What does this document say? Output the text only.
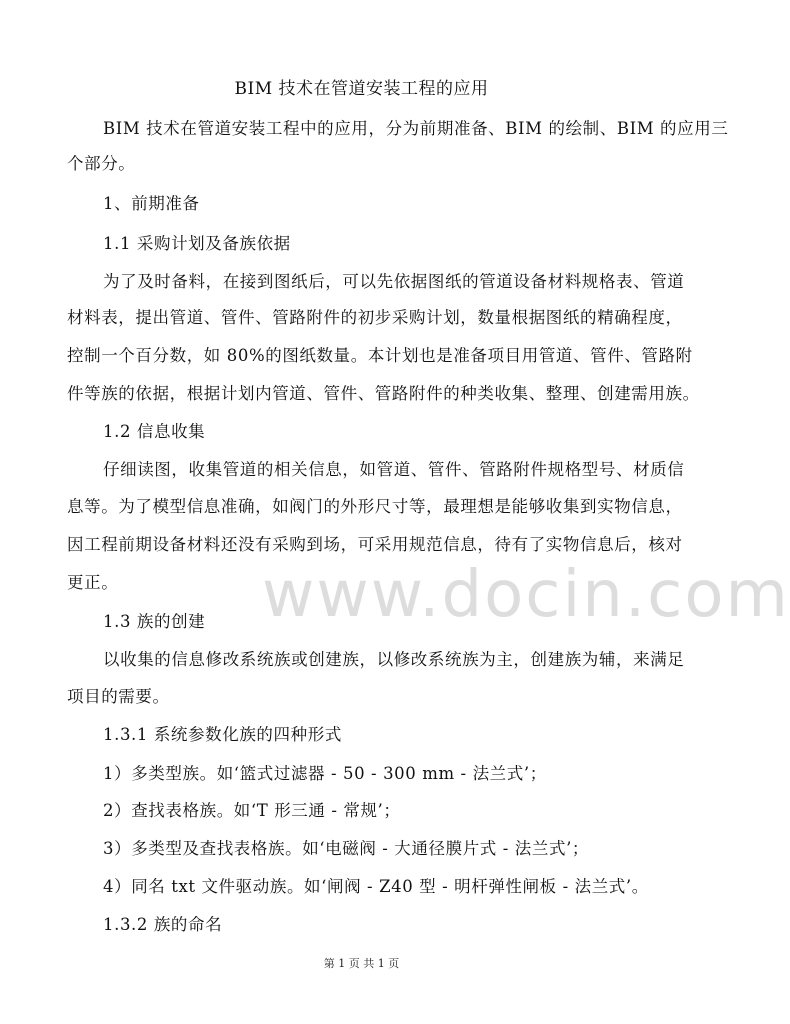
BIM 技术在管道安装工程的应用
BIM 技术在管道安装工程中的应用，分为前期准备、BIM 的绘制、BIM 的应用三
个部分。
1、前期准备
1.1 采购计划及备族依据
为了及时备料，在接到图纸后，可以先依据图纸的管道设备材料规格表、管道
材料表，提出管道、管件、管路附件的初步采购计划，数量根据图纸的精确程度，
控制一个百分数，如 80%的图纸数量。本计划也是准备项目用管道、管件、管路附
件等族的依据，根据计划内管道、管件、管路附件的种类收集、整理、创建需用族。
1.2 信息收集
仔细读图，收集管道的相关信息，如管道、管件、管路附件规格型号、材质信
息等。为了模型信息准确，如阀门的外形尺寸等，最理想是能够收集到实物信息，
因工程前期设备材料还没有采购到场，可采用规范信息，待有了实物信息后，核对
更正。
1.3 族的创建
以收集的信息修改系统族或创建族，以修改系统族为主，创建族为辅，来满足
项目的需要。
1.3.1 系统参数化族的四种形式
1）多类型族。如‘篮式过滤器 - 50 - 300 mm - 法兰式’；
2）查找表格族。如‘T 形三通 - 常规’；
3）多类型及查找表格族。如‘电磁阀 - 大通径膜片式 - 法兰式’；
4）同名 txt 文件驱动族。如‘闸阀 - Z40 型 - 明杆弹性闸板 - 法兰式’。
1.3.2 族的命名
www.docin.com
第 1 页 共 1 页
